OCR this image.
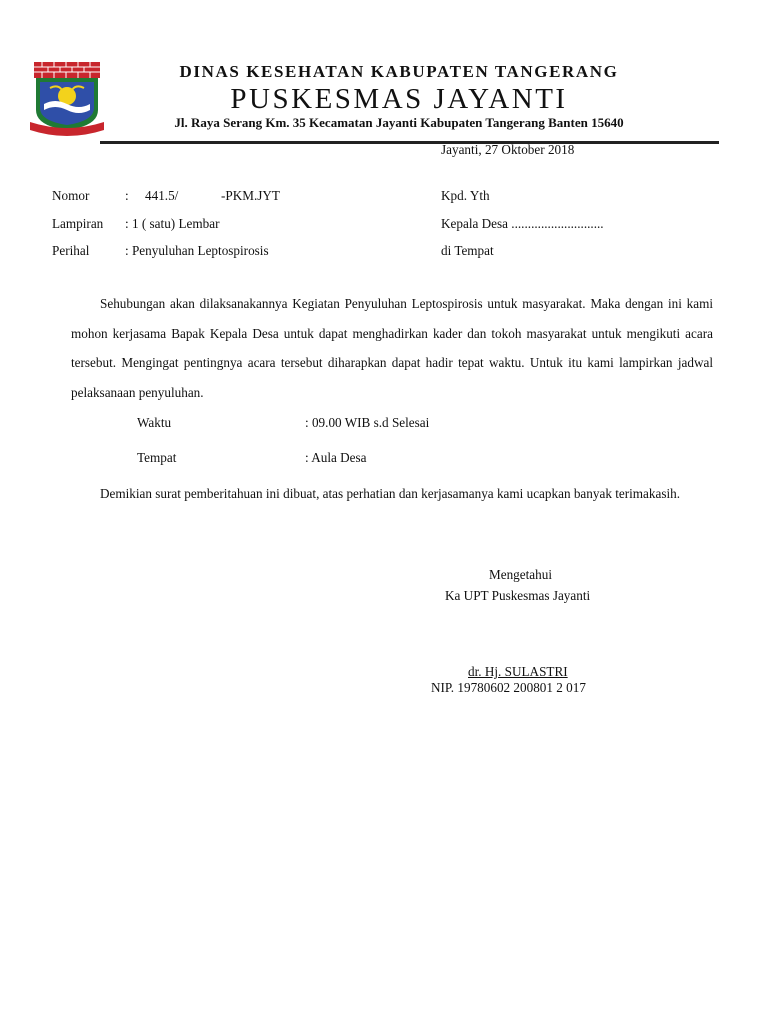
DINAS KESEHATAN KABUPATEN TANGERANG
PUSKESMAS JAYANTI
Jl. Raya Serang Km. 35 Kecamatan Jayanti Kabupaten Tangerang Banten 15640
Jayanti, 27 Oktober 2018
Nomor	: 441.5/	-PKM.JYT
Lampiran : 1 ( satu) Lembar
Perihal	: Penyuluhan Leptospirosis
Kpd. Yth
Kepala Desa ............................
di Tempat
Sehubungan akan dilaksanakannya Kegiatan Penyuluhan Leptospirosis untuk masyarakat. Maka dengan ini kami mohon kerjasama Bapak Kepala Desa untuk dapat menghadirkan kader dan tokoh masyarakat untuk mengikuti acara tersebut. Mengingat pentingnya acara tersebut diharapkan dapat hadir tepat waktu. Untuk itu kami lampirkan jadwal pelaksanaan penyuluhan.
Waktu	: 09.00 WIB s.d Selesai
Tempat	: Aula Desa
Demikian surat pemberitahuan ini dibuat, atas perhatian dan kerjasamanya kami ucapkan banyak terimakasih.
Mengetahui
Ka UPT Puskesmas Jayanti
dr. Hj. SULASTRI
NIP. 19780602 200801 2 017
